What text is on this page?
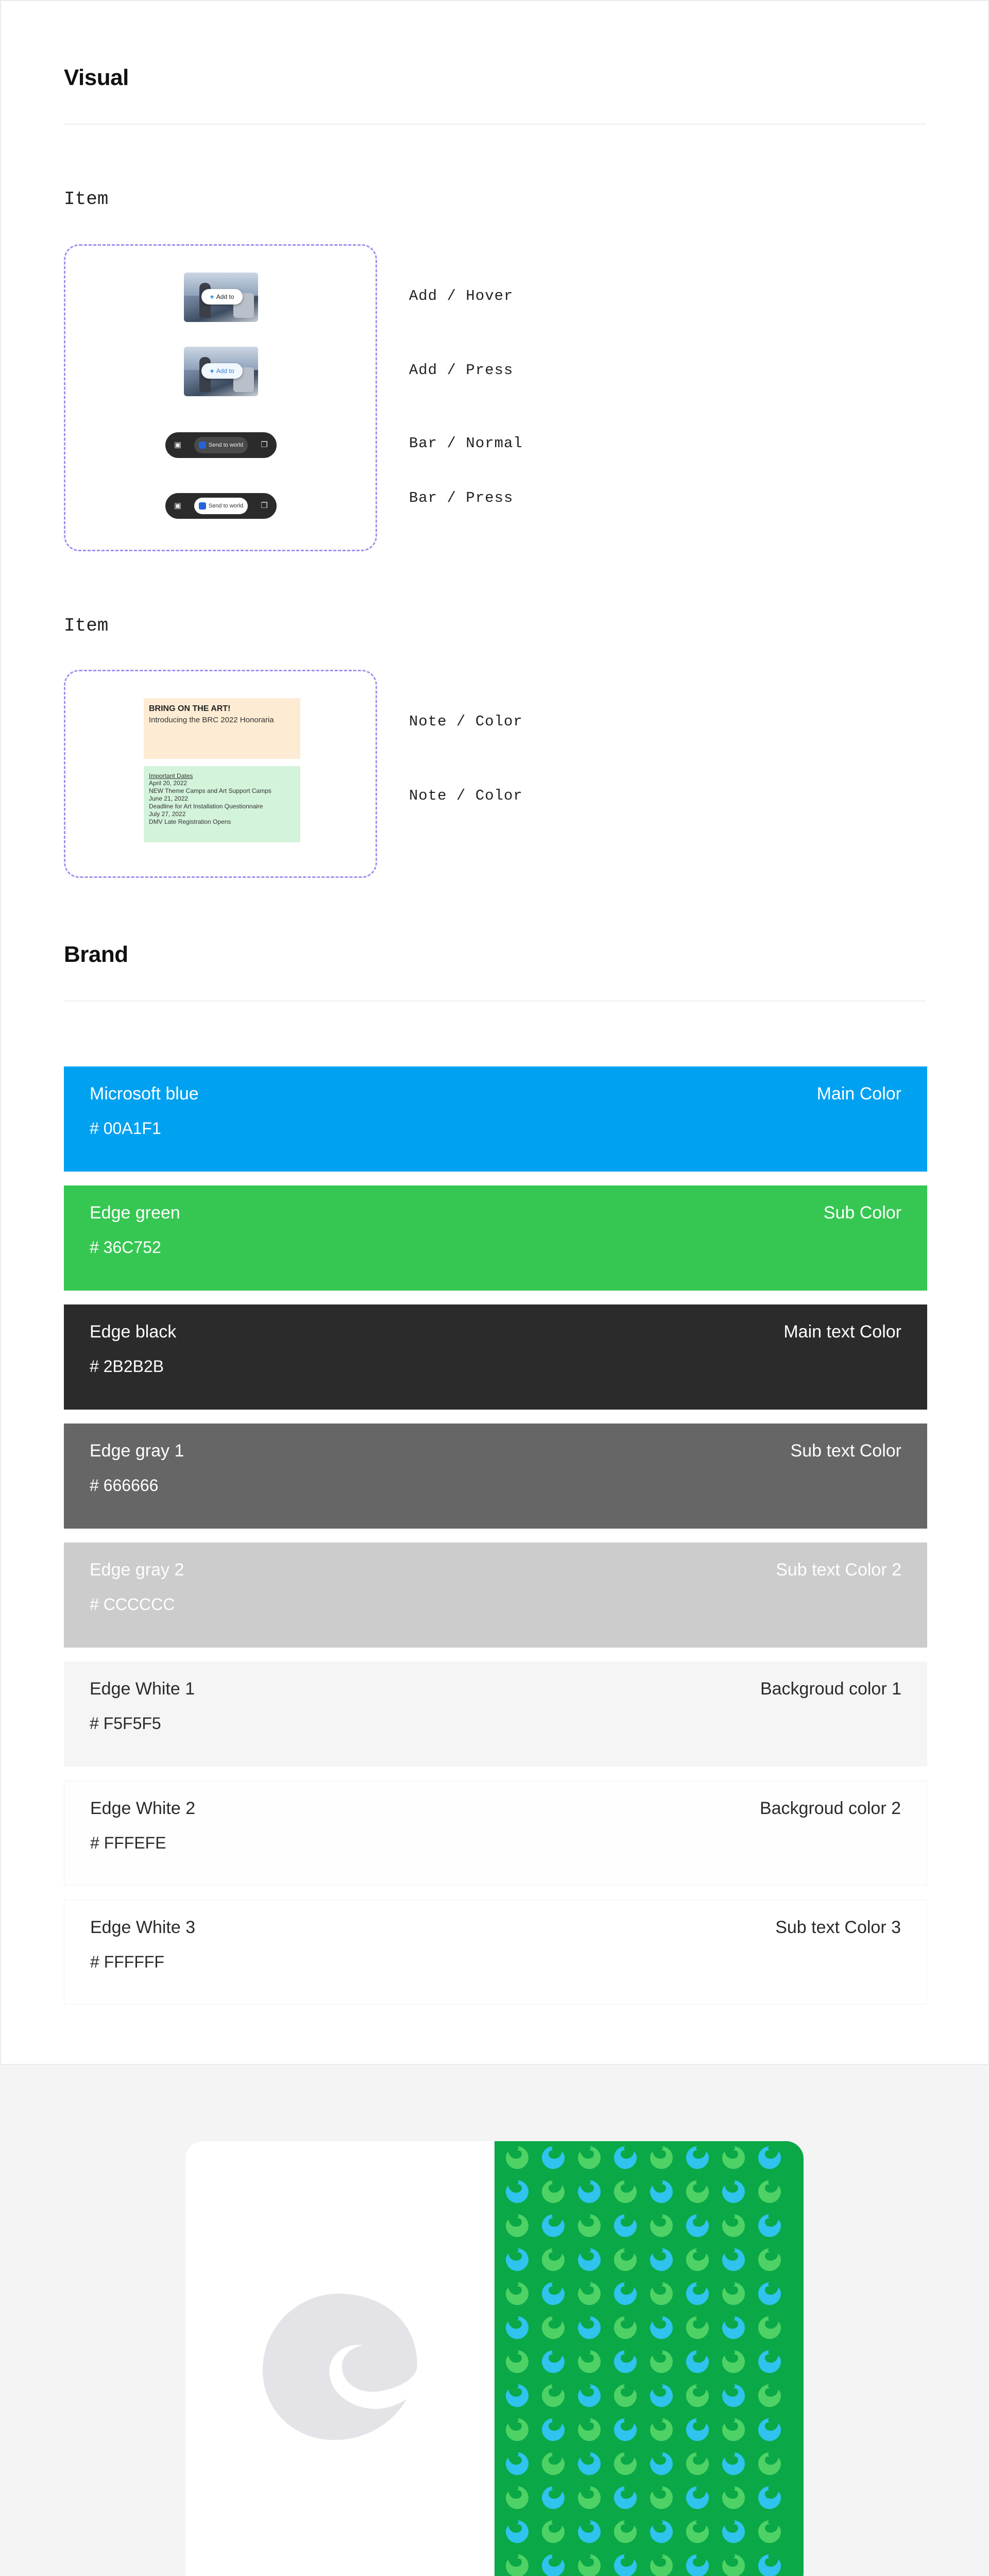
Visual
Item
+ Add to
+ Add to
▣	Send to world ❐
▣	Send to world ❐
Add / Hover
Add / Press
Bar / Normal
Bar / Press
Item
BRING ON THE ART!
Introducing the BRC 2022 Honoraria
Important Dates
April 20, 2022
NEW Theme Camps and Art Support Camps
June 21, 2022
Deadline for Art Installation Questionnaire
July 27, 2022
DMV Late Registration Opens
Note / Color
Note / Color
Brand
Microsoft blue
# 00A1F1
Main Color
Edge green
# 36C752
Sub Color
Edge black
# 2B2B2B
Main text Color
Edge gray 1
# 666666
Sub text Color
Edge gray 2
# CCCCCC
Sub text Color 2
Edge White 1
# F5F5F5
Backgroud color 1
Edge White 2
# FFFEFE
Backgroud color 2
Edge White 3
# FFFFFF
Sub text Color 3
